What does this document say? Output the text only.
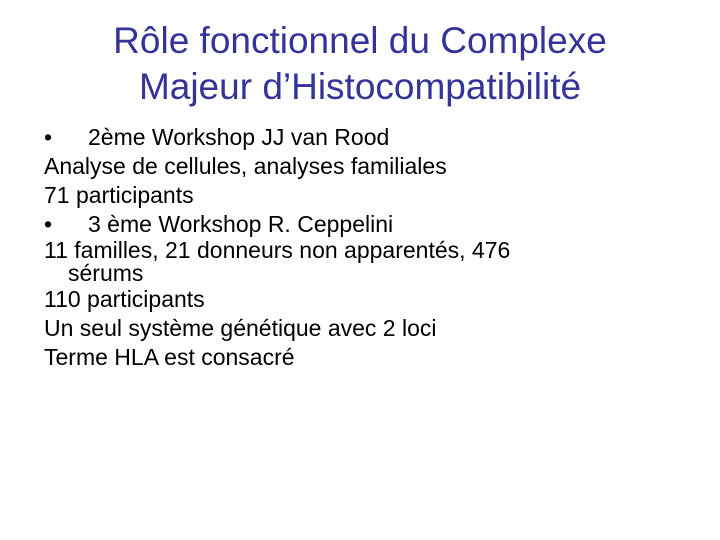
Rôle fonctionnel du Complexe
Majeur d’Histocompatibilité
• 2ème Workshop JJ van Rood
Analyse de cellules, analyses familiales
71 participants
• 3 ème Workshop R. Ceppelini
11 familles, 21 donneurs non apparentés, 476
sérums
110 participants
Un seul système génétique avec 2 loci
Terme HLA est consacré
